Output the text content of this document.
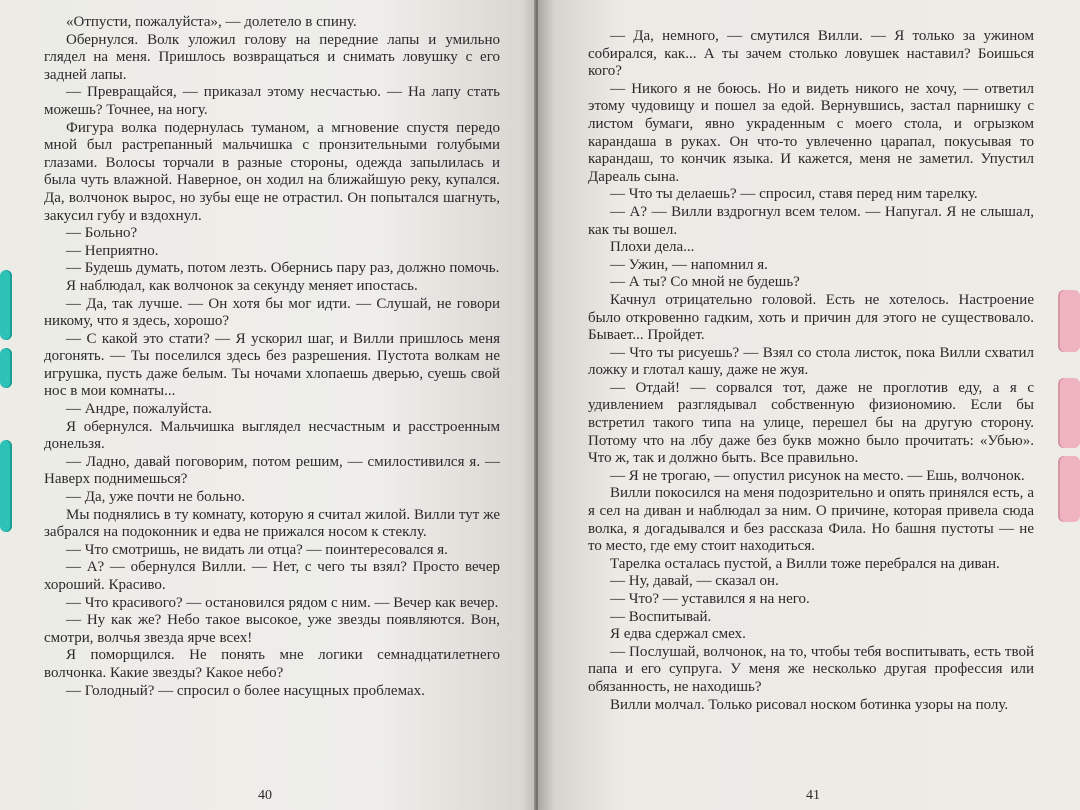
«Отпусти, пожалуйста», — долетело в спину.

Обернулся. Волк уложил голову на передние лапы и умильно глядел на меня. Пришлось возвращаться и снимать ловушку с его задней лапы.

— Превращайся, — приказал этому несчастью. — На лапу стать можешь? Точнее, на ногу.

Фигура волка подернулась туманом, а мгновение спустя передо мной был растрепанный мальчишка с пронзительными голубыми глазами. Волосы торчали в разные стороны, одежда запылилась и была чуть влажной. Наверное, он ходил на ближайшую реку, купался. Да, волчонок вырос, но зубы еще не отрастил. Он попытался шагнуть, закусил губу и вздохнул.

— Больно?

— Неприятно.

— Будешь думать, потом лезть. Обернись пару раз, должно помочь.

Я наблюдал, как волчонок за секунду меняет ипостась.

— Да, так лучше. — Он хотя бы мог идти. — Слушай, не говори никому, что я здесь, хорошо?

— С какой это стати? — Я ускорил шаг, и Вилли пришлось меня догонять. — Ты поселился здесь без разрешения. Пустота волкам не игрушка, пусть даже белым. Ты ночами хлопаешь дверью, суешь свой нос в мои комнаты...

— Андре, пожалуйста.

Я обернулся. Мальчишка выглядел несчастным и расстроенным донельзя.

— Ладно, давай поговорим, потом решим, — смилостивился я. — Наверх поднимешься?

— Да, уже почти не больно.

Мы поднялись в ту комнату, которую я считал жилой. Вилли тут же забрался на подоконник и едва не прижался носом к стеклу.

— Что смотришь, не видать ли отца? — поинтересовался я.

— А? — обернулся Вилли. — Нет, с чего ты взял? Просто вечер хороший. Красиво.

— Что красивого? — остановился рядом с ним. — Вечер как вечер.

— Ну как же? Небо такое высокое, уже звезды появляются. Вон, смотри, волчья звезда ярче всех!

Я поморщился. Не понять мне логики семнадцатилетнего волчонка. Какие звезды? Какое небо?

— Голодный? — спросил о более насущных проблемах.

40

— Да, немного, — смутился Вилли. — Я только за ужином собирался, как... А ты зачем столько ловушек наставил? Боишься кого?

— Никого я не боюсь. Но и видеть никого не хочу, — ответил этому чудовищу и пошел за едой. Вернувшись, застал парнишку с листом бумаги, явно украденным с моего стола, и огрызком карандаша в руках. Он что-то увлеченно царапал, покусывая то карандаш, то кончик языка. И кажется, меня не заметил. Упустил Дареаль сына.

— Что ты делаешь? — спросил, ставя перед ним тарелку.

— А? — Вилли вздрогнул всем телом. — Напугал. Я не слышал, как ты вошел.

Плохи дела...

— Ужин, — напомнил я.

— А ты? Со мной не будешь?

Качнул отрицательно головой. Есть не хотелось. Настроение было откровенно гадким, хоть и причин для этого не существовало. Бывает... Пройдет.

— Что ты рисуешь? — Взял со стола листок, пока Вилли схватил ложку и глотал кашу, даже не жуя.

— Отдай! — сорвался тот, даже не проглотив еду, а я с удивлением разглядывал собственную физиономию. Если бы встретил такого типа на улице, перешел бы на другую сторону. Потому что на лбу даже без букв можно было прочитать: «Убью». Что ж, так и должно быть. Все правильно.

— Я не трогаю, — опустил рисунок на место. — Ешь, волчонок.

Вилли покосился на меня подозрительно и опять принялся есть, а я сел на диван и наблюдал за ним. О причине, которая привела сюда волка, я догадывался и без рассказа Фила. Но башня пустоты — не то место, где ему стоит находиться.

Тарелка осталась пустой, а Вилли тоже перебрался на диван.

— Ну, давай, — сказал он.

— Что? — уставился я на него.

— Воспитывай.

Я едва сдержал смех.

— Послушай, волчонок, на то, чтобы тебя воспитывать, есть твой папа и его супруга. У меня же несколько другая профессия или обязанность, не находишь?

Вилли молчал. Только рисовал носком ботинка узоры на полу.

41
